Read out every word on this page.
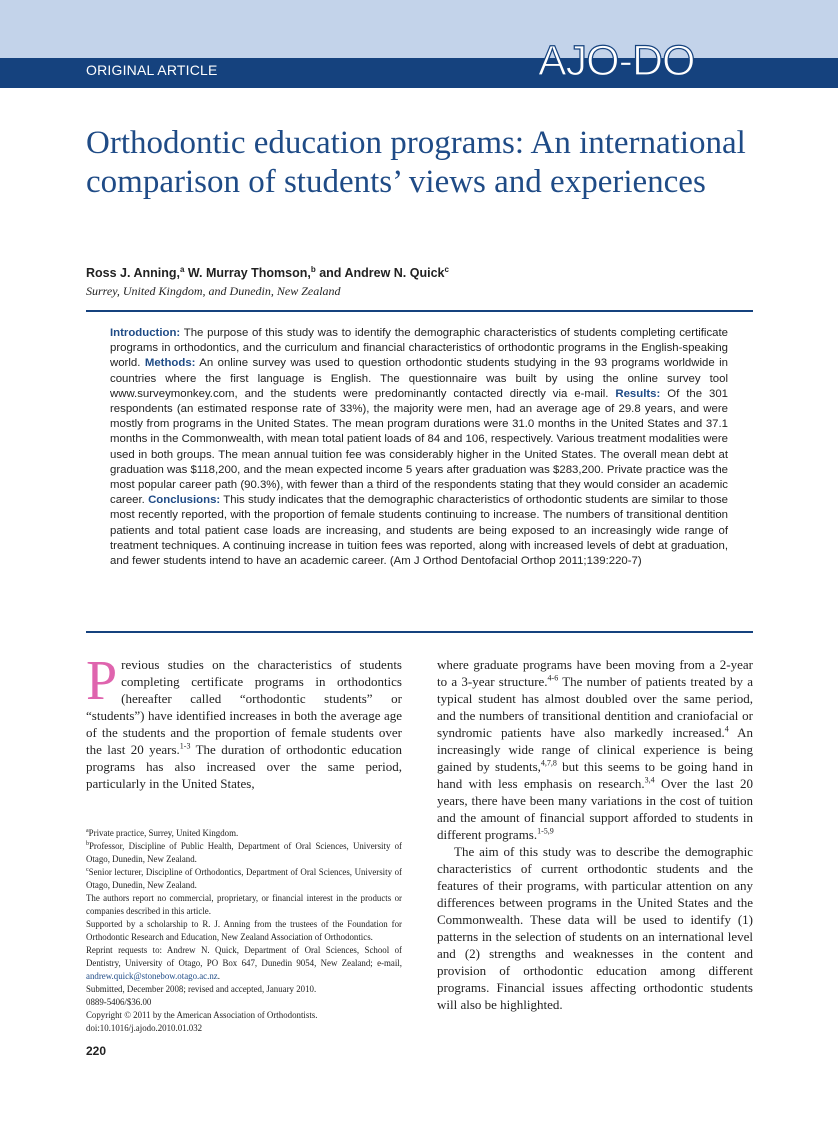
ORIGINAL ARTICLE	AJO-DO
Orthodontic education programs: An international comparison of students’ views and experiences
Ross J. Anning,$^a$ W. Murray Thomson,$^b$ and Andrew N. Quick$^c$
Surrey, United Kingdom, and Dunedin, New Zealand

Introduction: The purpose of this study was to identify the demographic characteristics of students completing certificate programs in orthodontics, and the curriculum and financial characteristics of orthodontic programs in the English-speaking world. Methods: An online survey was used to question orthodontic students studying in the 93 programs worldwide in countries where the first language is English. The questionnaire was built by using the online survey tool www.surveymonkey.com, and the students were predominantly contacted directly via e-mail. Results: Of the 301 respondents (an estimated response rate of 33%), the majority were men, had an average age of 29.8 years, and were mostly from programs in the United States. The mean program durations were 31.0 months in the United States and 37.1 months in the Commonwealth, with mean total patient loads of 84 and 106, respectively. Various treatment modalities were used in both groups. The mean annual tuition fee was considerably higher in the United States. The overall mean debt at graduation was $118,200, and the mean expected income 5 years after graduation was $283,200. Private practice was the most popular career path (90.3%), with fewer than a third of the respondents stating that they would consider an academic career. Conclusions: This study indicates that the demographic characteristics of orthodontic students are similar to those most recently reported, with the proportion of female students continuing to increase. The numbers of transitional dentition patients and total patient case loads are increasing, and students are being exposed to an increasingly wide range of treatment techniques. A continuing increase in tuition fees was reported, along with increased levels of debt at graduation, and fewer students intend to have an academic career. (Am J Orthod Dentofacial Orthop 2011;139:220-7)

Previous studies on the characteristics of students completing certificate programs in orthodontics (hereafter called “orthodontic students” or “students”) have identified increases in both the average age of the students and the proportion of female students over the last 20 years.$^{1-3}$ The duration of orthodontic education programs has also increased over the same period, particularly in the United States,

$^a$Private practice, Surrey, United Kingdom.

$^b$Professor, Discipline of Public Health, Department of Oral Sciences, University of Otago, Dunedin, New Zealand.

$^c$Senior lecturer, Discipline of Orthodontics, Department of Oral Sciences, University of Otago, Dunedin, New Zealand.

The authors report no commercial, proprietary, or financial interest in the products or companies described in this article.

Supported by a scholarship to R. J. Anning from the trustees of the Foundation for Orthodontic Research and Education, New Zealand Association of Orthodontics.

Reprint requests to: Andrew N. Quick, Department of Oral Sciences, School of Dentistry, University of Otago, PO Box 647, Dunedin 9054, New Zealand; e-mail, andrew.quick@stonebow.otago.ac.nz.

Submitted, December 2008; revised and accepted, January 2010.

0889-5406/$36.00

Copyright © 2011 by the American Association of Orthodontists.

doi:10.1016/j.ajodo.2010.01.032

where graduate programs have been moving from a 2-year to a 3-year structure.$^{4-6}$ The number of patients treated by a typical student has almost doubled over the same period, and the numbers of transitional dentition and craniofacial or syndromic patients have also markedly increased.$^4$ An increasingly wide range of clinical experience is being gained by students,$^{4,7,8}$ but this seems to be going hand in hand with less emphasis on research.$^{3,4}$ Over the last 20 years, there have been many variations in the cost of tuition and the amount of financial support afforded to students in different programs.$^{1-5,9}$
The aim of this study was to describe the demographic characteristics of current orthodontic students and the features of their programs, with particular attention on any differences between programs in the United States and the Commonwealth. These data will be used to identify (1) patterns in the selection of students on an international level and (2) strengths and weaknesses in the content and provision of orthodontic education among different programs. Financial issues affecting orthodontic students will also be highlighted.
220
